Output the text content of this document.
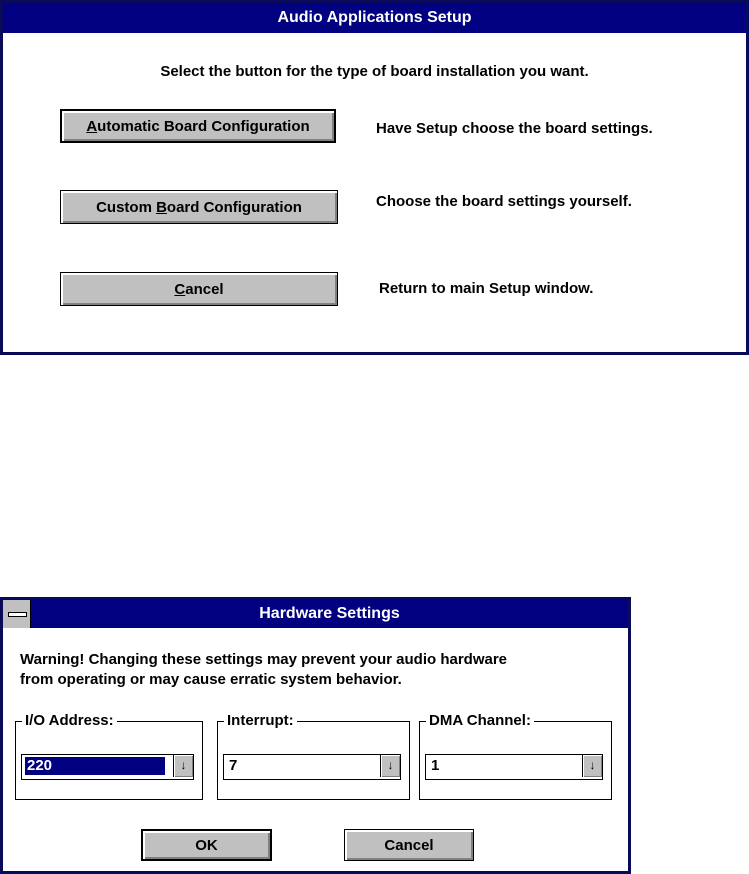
Audio Applications Setup
Select the button for the type of board installation you want.
Automatic Board Configuration	Have Setup choose the board settings.
Custom Board Configuration	Choose the board settings yourself.
Cancel	Return to main Setup window.
Hardware Settings
Warning! Changing these settings may prevent your audio hardware
from operating or may cause erratic system behavior.
I/O Address:
220	↓
Interrupt:
7	↓
DMA Channel:
1	↓
OK	Cancel
